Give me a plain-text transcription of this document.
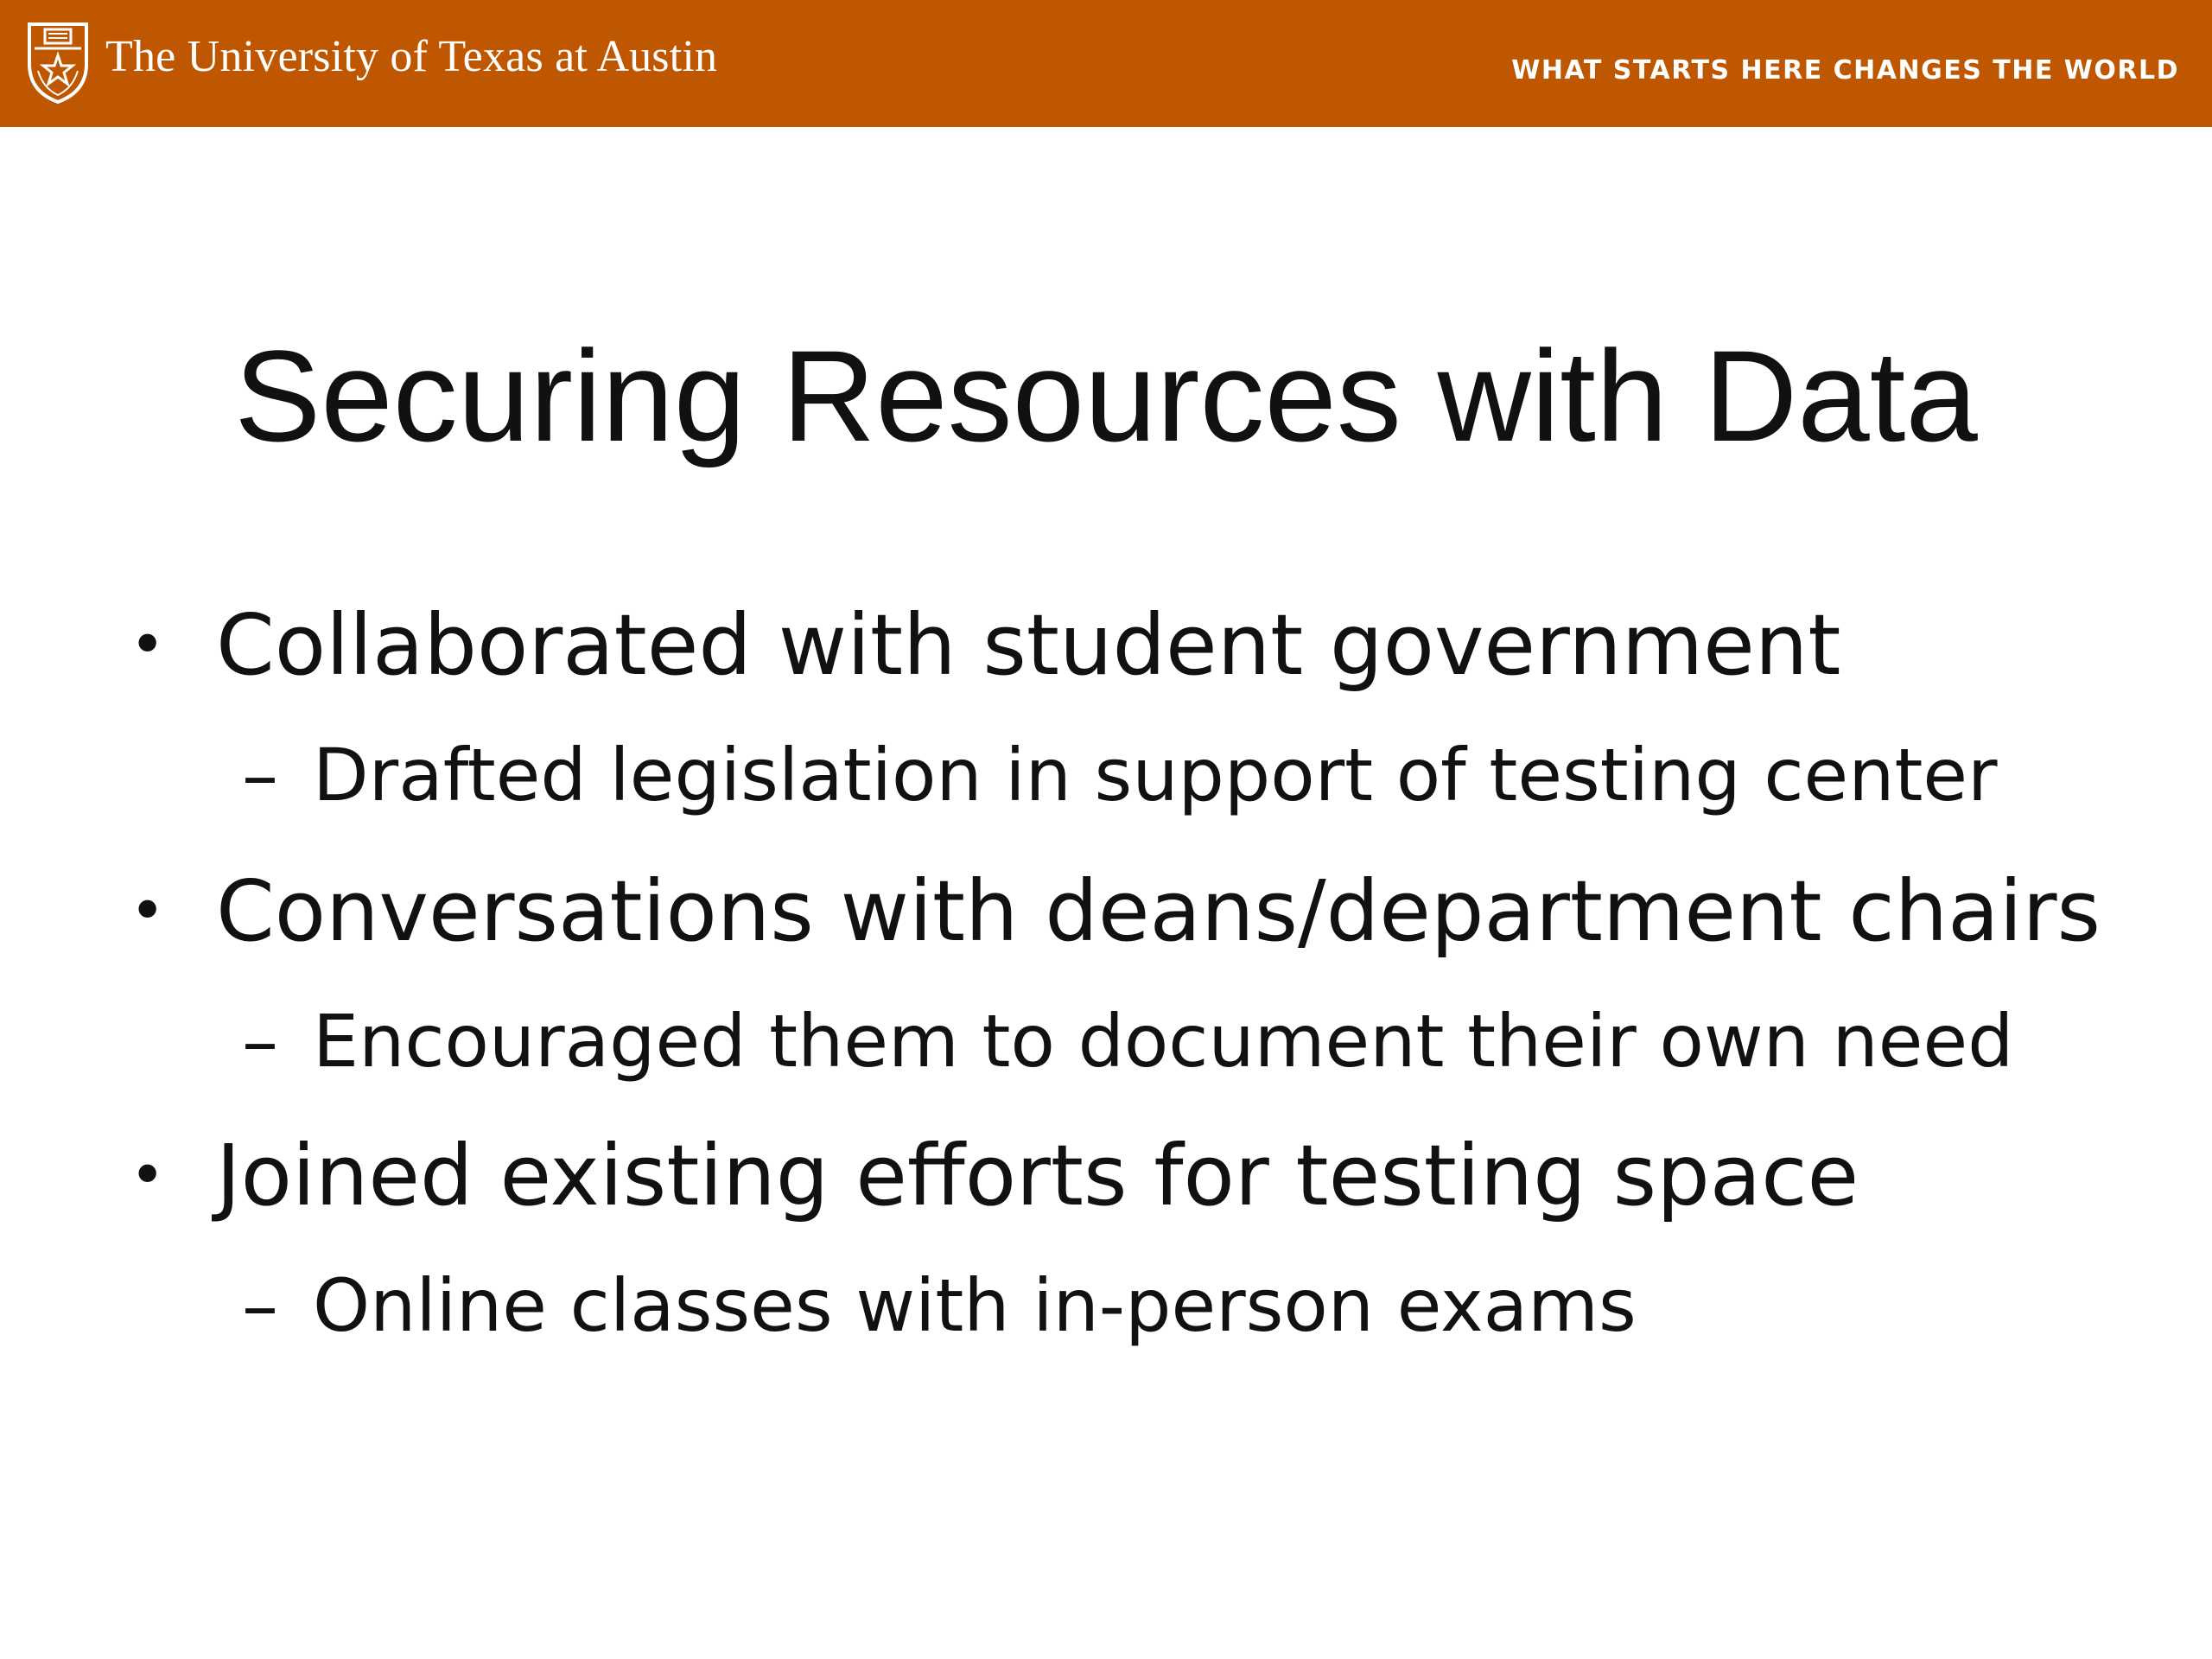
The University of Texas at Austin	WHAT STARTS HERE CHANGES THE WORLD
Securing Resources with Data
• Collaborated with student government
– Drafted legislation in support of testing center
• Conversations with deans/department chairs
– Encouraged them to document their own need
• Joined existing efforts for testing space
– Online classes with in-person exams
